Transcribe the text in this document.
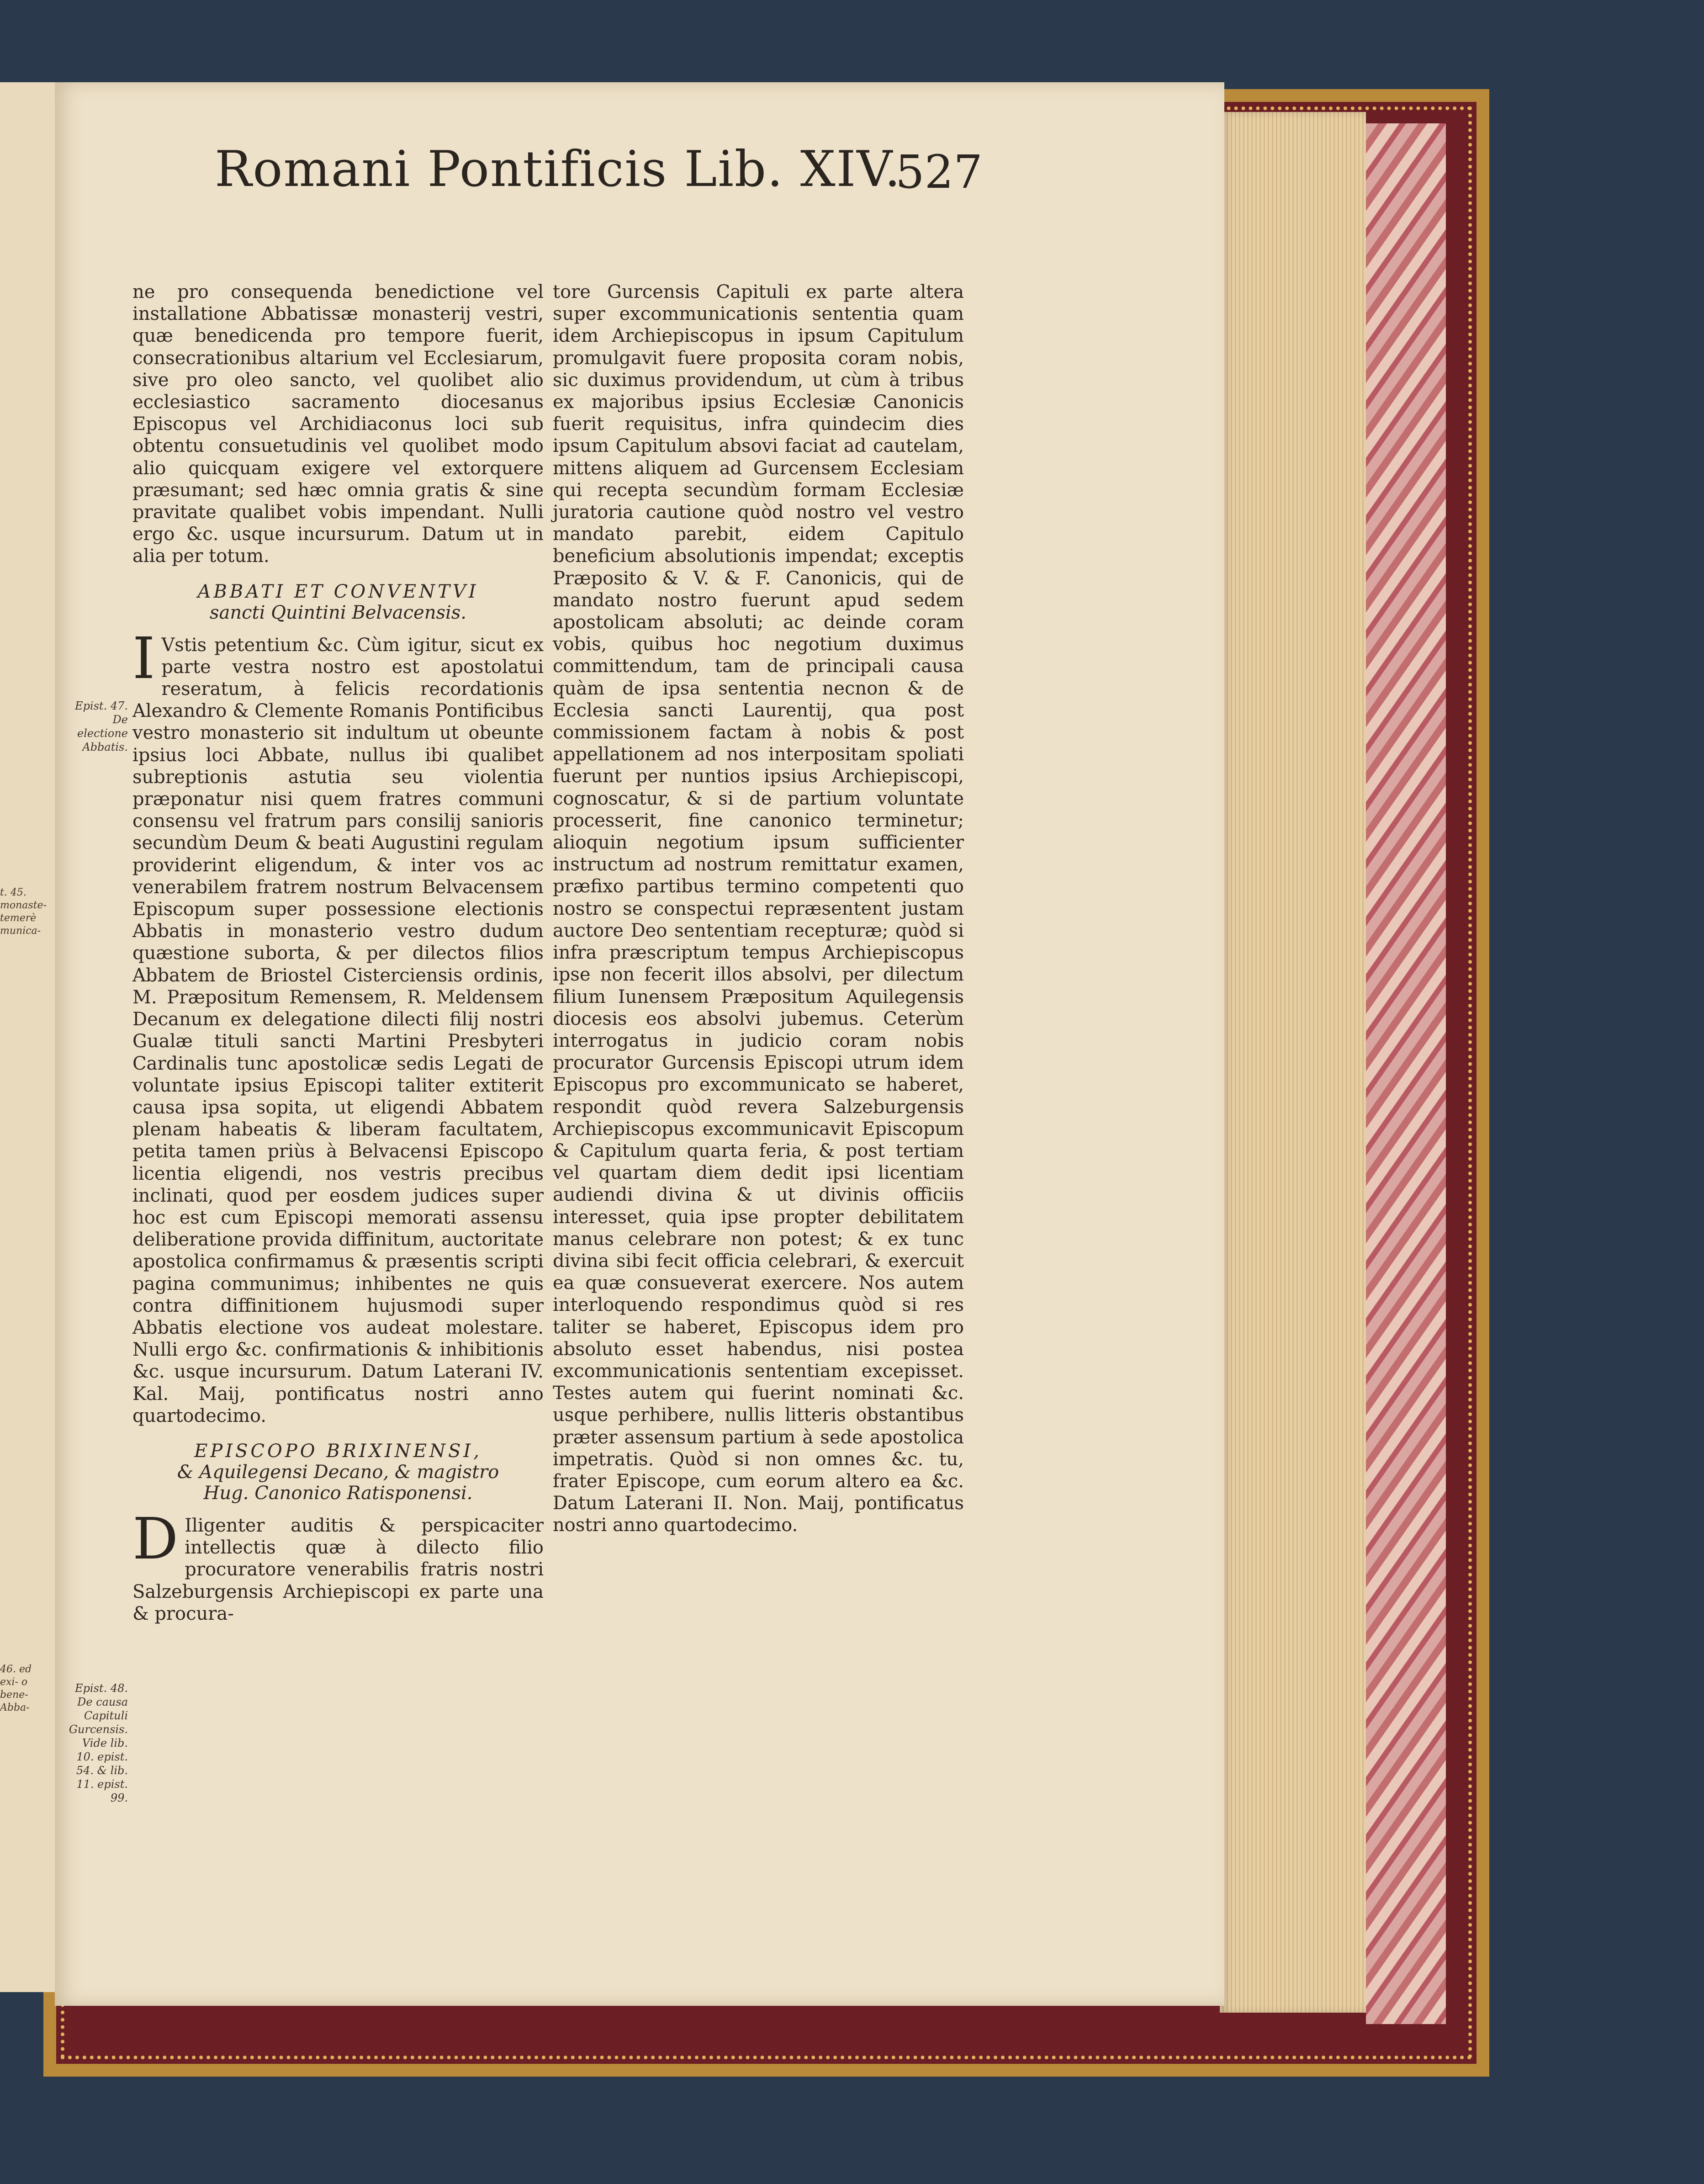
t. 45. monaste- temerè munica-
46. ed exi- o bene- Abba-
Romani Pontificis Lib. XIV.
527
Epist. 47. De electione Abbatis.
Epist. 48. De causa Capituli Gurcensis. Vide lib. 10. epist. 54. & lib. 11. epist. 99.

ne pro consequenda benedictione vel installatione Abbatissæ monasterij vestri, quæ benedicenda pro tempore fuerit, consecrationibus altarium vel Ecclesiarum, sive pro oleo sancto, vel quolibet alio ecclesiastico sacramento diocesanus Episcopus vel Archidiaconus loci sub obtentu consuetudinis vel quolibet modo alio quicquam exigere vel extorquere præsumant; sed hæc omnia gratis & sine pravitate qualibet vobis impendant. Nulli ergo &c. usque incursurum. Datum ut in alia per totum.

ABBATI ET CONVENTVI
sancti Quintini Belvacensis.

I Vstis petentium &c. Cùm igitur, sicut ex parte vestra nostro est apostolatui reseratum, à felicis recordationis Alexandro & Clemente Romanis Pontificibus vestro monasterio sit indultum ut obeunte ipsius loci Abbate, nullus ibi qualibet subreptionis astutia seu violentia præponatur nisi quem fratres communi consensu vel fratrum pars consilij sanioris secundùm Deum & beati Augustini regulam providerint eligendum, & inter vos ac venerabilem fratrem nostrum Belvacensem Episcopum super possessione electionis Abbatis in monasterio vestro dudum quæstione suborta, & per dilectos filios Abbatem de Briostel Cisterciensis ordinis, M. Præpositum Remensem, R. Meldensem Decanum ex delegatione dilecti filij nostri Gualæ tituli sancti Martini Presbyteri Cardinalis tunc apostolicæ sedis Legati de voluntate ipsius Episcopi taliter extiterit causa ipsa sopita, ut eligendi Abbatem plenam habeatis & liberam facultatem, petita tamen priùs à Belvacensi Episcopo licentia eligendi, nos vestris precibus inclinati, quod per eosdem judices super hoc est cum Episcopi memorati assensu deliberatione provida diffinitum, auctoritate apostolica confirmamus & præsentis scripti pagina communimus; inhibentes ne quis contra diffinitionem hujusmodi super Abbatis electione vos audeat molestare. Nulli ergo &c. confirmationis & inhibitionis &c. usque incursurum. Datum Laterani IV. Kal. Maij, pontificatus nostri anno quartodecimo.

EPISCOPO BRIXINENSI,
& Aquilegensi Decano, & magistro
Hug. Canonico Ratisponensi.

D Iligenter auditis & perspicaciter intellectis quæ à dilecto filio procuratore venerabilis fratris nostri Salzeburgensis Archiepiscopi ex parte una & procura-

tore Gurcensis Capituli ex parte altera super excommunicationis sententia quam idem Archiepiscopus in ipsum Capitulum promulgavit fuere proposita coram nobis, sic duximus providendum, ut cùm à tribus ex majoribus ipsius Ecclesiæ Canonicis fuerit requisitus, infra quindecim dies ipsum Capitulum absovi faciat ad cautelam, mittens aliquem ad Gurcensem Ecclesiam qui recepta secundùm formam Ecclesiæ juratoria cautione quòd nostro vel vestro mandato parebit, eidem Capitulo beneficium absolutionis impendat; exceptis Præposito & V. & F. Canonicis, qui de mandato nostro fuerunt apud sedem apostolicam absoluti; ac deinde coram vobis, quibus hoc negotium duximus committendum, tam de principali causa quàm de ipsa sententia necnon & de Ecclesia sancti Laurentij, qua post commissionem factam à nobis & post appellationem ad nos interpositam spoliati fuerunt per nuntios ipsius Archiepiscopi, cognoscatur, & si de partium voluntate processerit, fine canonico terminetur; alioquin negotium ipsum sufficienter instructum ad nostrum remittatur examen, præfixo partibus termino competenti quo nostro se conspectui repræsentent justam auctore Deo sententiam recepturæ; quòd si infra præscriptum tempus Archiepiscopus ipse non fecerit illos absolvi, per dilectum filium Iunensem Præpositum Aquilegensis diocesis eos absolvi jubemus. Ceterùm interrogatus in judicio coram nobis procurator Gurcensis Episcopi utrum idem Episcopus pro excommunicato se haberet, respondit quòd revera Salzeburgensis Archiepiscopus excommunicavit Episcopum & Capitulum quarta feria, & post tertiam vel quartam diem dedit ipsi licentiam audiendi divina & ut divinis officiis interesset, quia ipse propter debilitatem manus celebrare non potest; & ex tunc divina sibi fecit officia celebrari, & exercuit ea quæ consueverat exercere. Nos autem interloquendo respondimus quòd si res taliter se haberet, Episcopus idem pro absoluto esset habendus, nisi postea excommunicationis sententiam excepisset. Testes autem qui fuerint nominati &c. usque perhibere, nullis litteris obstantibus præter assensum partium à sede apostolica impetratis. Quòd si non omnes &c. tu, frater Episcope, cum eorum altero ea &c. Datum Laterani II. Non. Maij, pontificatus nostri anno quartodecimo.
